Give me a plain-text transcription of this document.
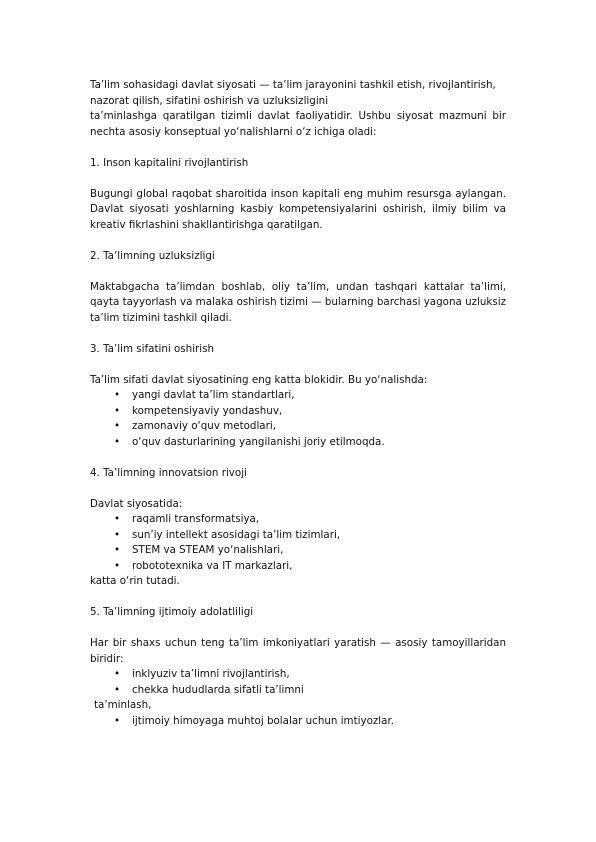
Ta’lim sohasidagi davlat siyosati — ta’lim jarayonini tashkil etish, rivojlantirish,

nazorat qilish, sifatini oshirish va uzluksizligini

ta’minlashga qaratilgan tizimli davlat faoliyatidir. Ushbu siyosat mazmuni bir nechta asosiy konseptual yo‘nalishlarni o‘z ichiga oladi:

1. Inson kapitalini rivojlantirish

Bugungi global raqobat sharoitida inson kapitali eng muhim resursga aylangan. Davlat siyosati yoshlarning kasbiy kompetensiyalarini oshirish, ilmiy bilim va kreativ fikrlashini shakllantirishga qaratilgan.

2. Ta’limning uzluksizligi

Maktabgacha ta’limdan boshlab, oliy ta’lim, undan tashqari kattalar ta’limi, qayta tayyorlash va malaka oshirish tizimi — bularning barchasi yagona uzluksiz ta’lim tizimini tashkil qiladi.

3. Ta’lim sifatini oshirish

Ta’lim sifati davlat siyosatining eng katta blokidir. Bu yo‘nalishda:

• yangi davlat ta’lim standartlari,
• kompetensiyaviy yondashuv,
• zamonaviy o‘quv metodlari,
• o‘quv dasturlarining yangilanishi joriy etilmoqda.

4. Ta’limning innovatsion rivoji

Davlat siyosatida:

• raqamli transformatsiya,
• sun’iy intellekt asosidagi ta’lim tizimlari,
• STEM va STEAM yo‘nalishlari,
• robototexnika va IT markazlari,

katta o‘rin tutadi.

5. Ta’limning ijtimoiy adolatliligi

Har bir shaxs uchun teng ta’lim imkoniyatlari yaratish — asosiy tamoyillaridan biridir:

• inklyuziv ta’limni rivojlantirish,
• chekka hududlarda sifatli ta’limni

ta’minlash,

• ijtimoiy himoyaga muhtoj bolalar uchun imtiyozlar.
